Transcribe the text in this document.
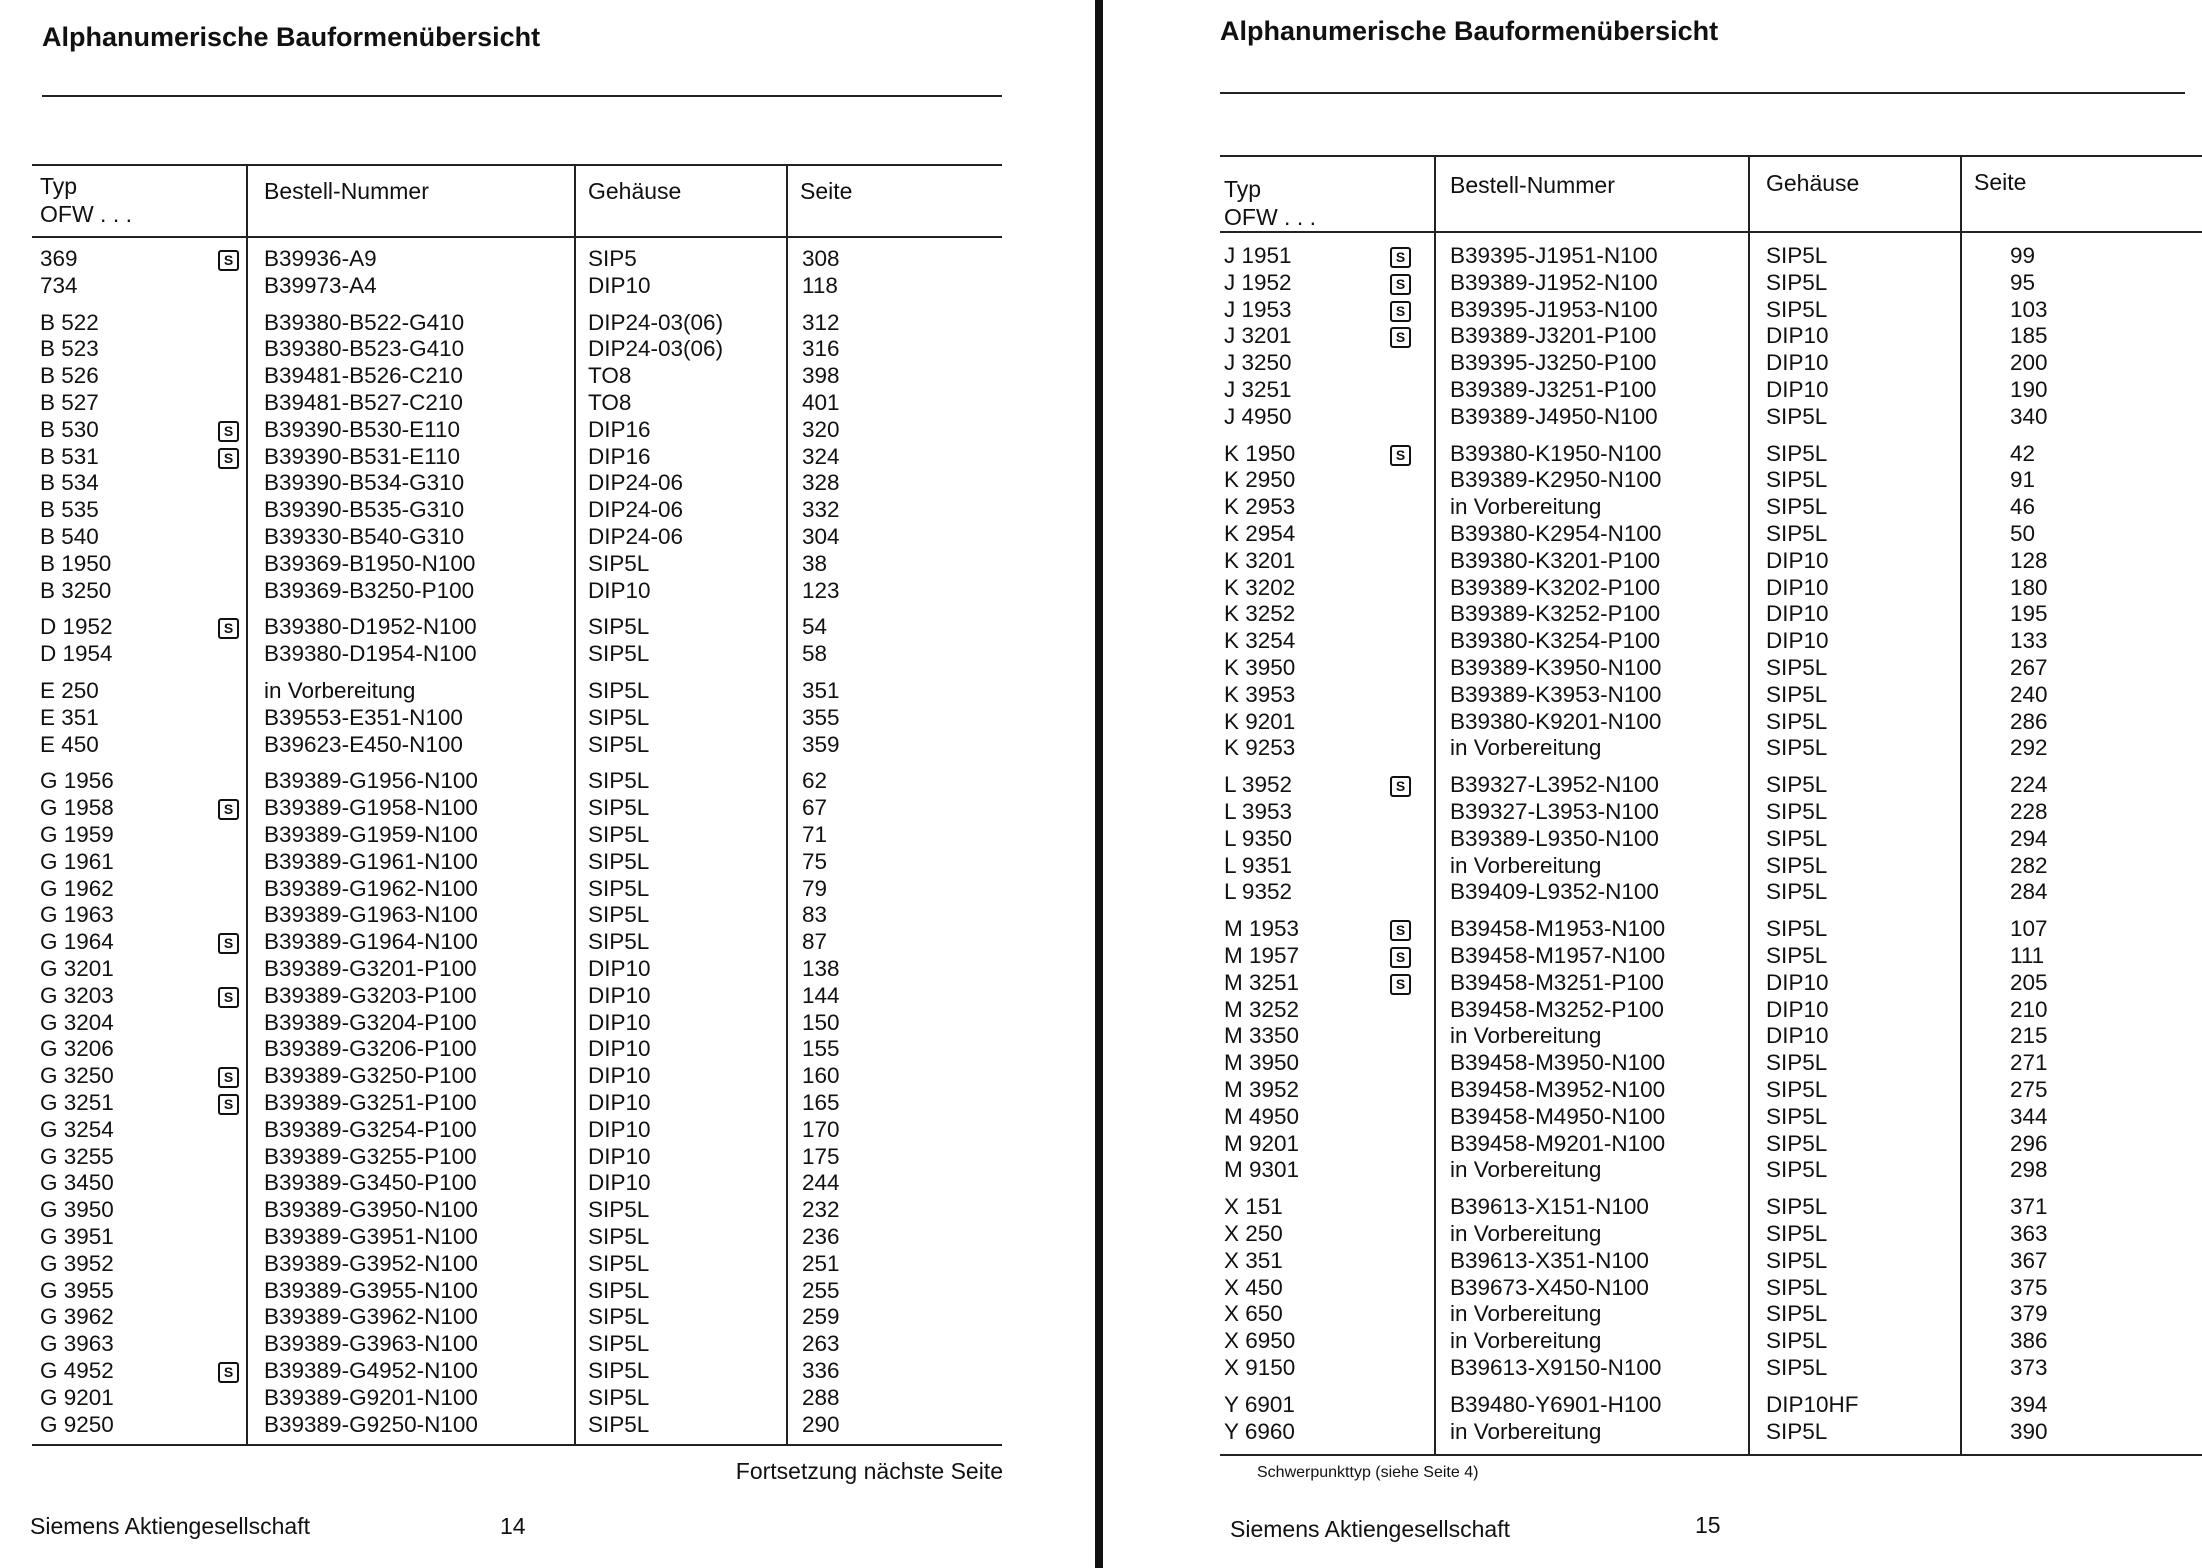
Alphanumerische Bauformenübersicht
Typ
OFW . . .
Bestell-Nummer	Gehäuse	Seite
369	S B39936-A9	SIP5	308
734	B39973-A4	DIP10	118
B 522	B39380-B522-G410	DIP24-03(06)	312
B 523	B39380-B523-G410	DIP24-03(06)	316
B 526	B39481-B526-C210	TO8	398
B 527	B39481-B527-C210	TO8	401
B 530	S B39390-B530-E110	DIP16	320
B 531	S B39390-B531-E110	DIP16	324
B 534	B39390-B534-G310	DIP24-06	328
B 535	B39390-B535-G310	DIP24-06	332
B 540	B39330-B540-G310	DIP24-06	304
B 1950	B39369-B1950-N100	SIP5L	38
B 3250	B39369-B3250-P100	DIP10	123
D 1952	S B39380-D1952-N100	SIP5L	54
D 1954	B39380-D1954-N100	SIP5L	58
E 250	in Vorbereitung	SIP5L	351
E 351	B39553-E351-N100	SIP5L	355
E 450	B39623-E450-N100	SIP5L	359
G 1956	B39389-G1956-N100	SIP5L	62
G 1958	S B39389-G1958-N100	SIP5L	67
G 1959	B39389-G1959-N100	SIP5L	71
G 1961	B39389-G1961-N100	SIP5L	75
G 1962	B39389-G1962-N100	SIP5L	79
G 1963	B39389-G1963-N100	SIP5L	83
G 1964	S B39389-G1964-N100	SIP5L	87
G 3201	B39389-G3201-P100	DIP10	138
G 3203	S B39389-G3203-P100	DIP10	144
G 3204	B39389-G3204-P100	DIP10	150
G 3206	B39389-G3206-P100	DIP10	155
G 3250	S B39389-G3250-P100	DIP10	160
G 3251	S B39389-G3251-P100	DIP10	165
G 3254	B39389-G3254-P100	DIP10	170
G 3255	B39389-G3255-P100	DIP10	175
G 3450	B39389-G3450-P100	DIP10	244
G 3950	B39389-G3950-N100	SIP5L	232
G 3951	B39389-G3951-N100	SIP5L	236
G 3952	B39389-G3952-N100	SIP5L	251
G 3955	B39389-G3955-N100	SIP5L	255
G 3962	B39389-G3962-N100	SIP5L	259
G 3963	B39389-G3963-N100	SIP5L	263
G 4952	S B39389-G4952-N100	SIP5L	336
G 9201	B39389-G9201-N100	SIP5L	288
G 9250	B39389-G9250-N100	SIP5L	290
Fortsetzung nächste Seite
Siemens Aktiengesellschaft	14
Alphanumerische Bauformenübersicht
Typ
OFW . . .
Bestell-Nummer	Gehäuse	Seite
J 1951	S B39395-J1951-N100	SIP5L	99
J 1952	S B39389-J1952-N100	SIP5L	95
J 1953	S B39395-J1953-N100	SIP5L	103
J 3201	S B39389-J3201-P100	DIP10	185
J 3250	B39395-J3250-P100	DIP10	200
J 3251	B39389-J3251-P100	DIP10	190
J 4950	B39389-J4950-N100	SIP5L	340
K 1950	S B39380-K1950-N100	SIP5L	42
K 2950	B39389-K2950-N100	SIP5L	91
K 2953	in Vorbereitung	SIP5L	46
K 2954	B39380-K2954-N100	SIP5L	50
K 3201	B39380-K3201-P100	DIP10	128
K 3202	B39389-K3202-P100	DIP10	180
K 3252	B39389-K3252-P100	DIP10	195
K 3254	B39380-K3254-P100	DIP10	133
K 3950	B39389-K3950-N100	SIP5L	267
K 3953	B39389-K3953-N100	SIP5L	240
K 9201	B39380-K9201-N100	SIP5L	286
K 9253	in Vorbereitung	SIP5L	292
L 3952	S B39327-L3952-N100	SIP5L	224
L 3953	B39327-L3953-N100	SIP5L	228
L 9350	B39389-L9350-N100	SIP5L	294
L 9351	in Vorbereitung	SIP5L	282
L 9352	B39409-L9352-N100	SIP5L	284
M 1953	S B39458-M1953-N100	SIP5L	107
M 1957	S B39458-M1957-N100	SIP5L	111
M 3251	S B39458-M3251-P100	DIP10	205
M 3252	B39458-M3252-P100	DIP10	210
M 3350	in Vorbereitung	DIP10	215
M 3950	B39458-M3950-N100	SIP5L	271
M 3952	B39458-M3952-N100	SIP5L	275
M 4950	B39458-M4950-N100	SIP5L	344
M 9201	B39458-M9201-N100	SIP5L	296
M 9301	in Vorbereitung	SIP5L	298
X 151	B39613-X151-N100	SIP5L	371
X 250	in Vorbereitung	SIP5L	363
X 351	B39613-X351-N100	SIP5L	367
X 450	B39673-X450-N100	SIP5L	375
X 650	in Vorbereitung	SIP5L	379
X 6950	in Vorbereitung	SIP5L	386
X 9150	B39613-X9150-N100	SIP5L	373
Y 6901	B39480-Y6901-H100	DIP10HF	394
Y 6960	in Vorbereitung	SIP5L	390
Schwerpunkttyp (siehe Seite 4)
Siemens Aktiengesellschaft	15
